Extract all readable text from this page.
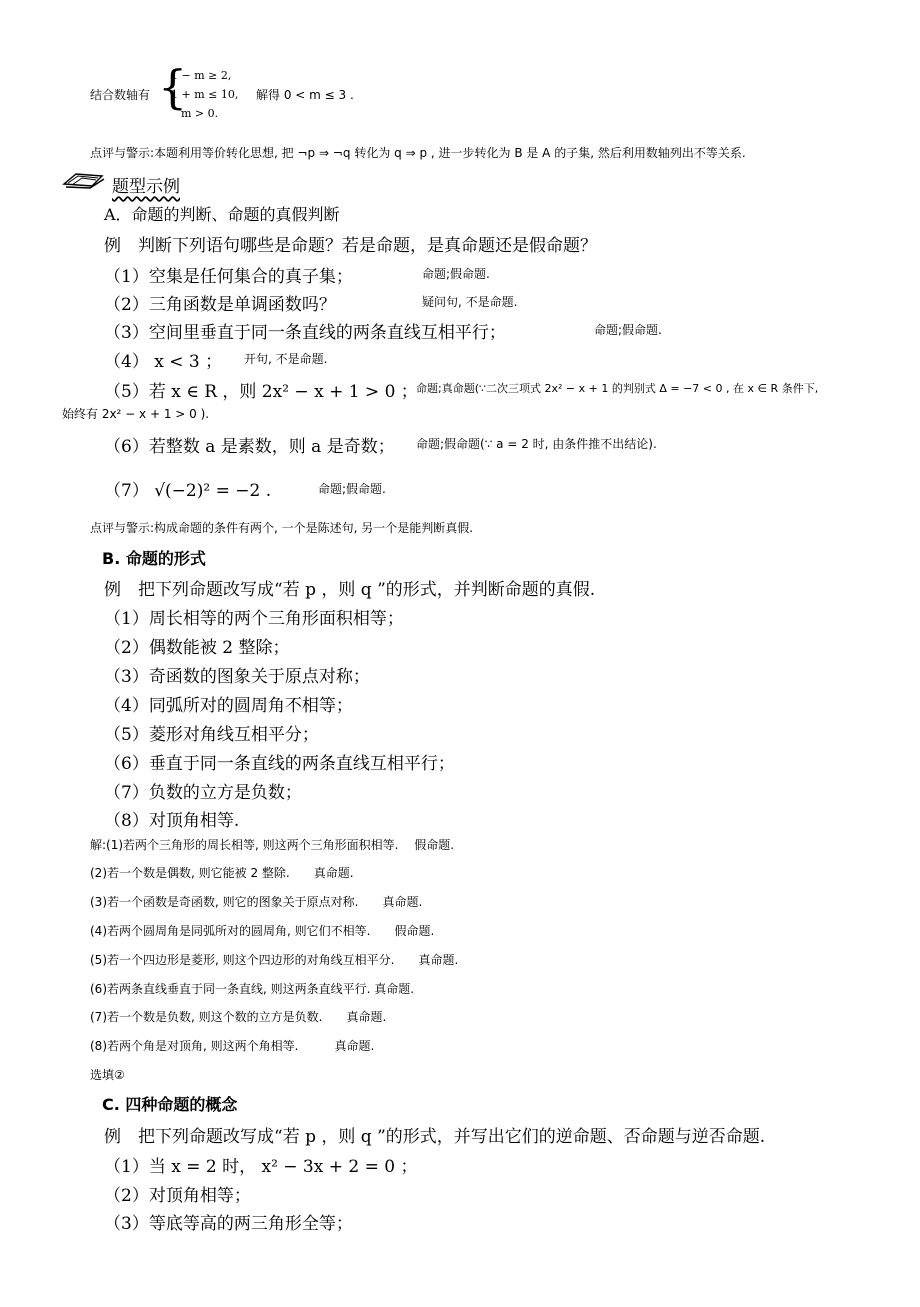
结合数轴有 {
1 − m ≥ 2,
1 + m ≤ 10,
m > 0.
解得 0 < m ≤ 3 .
点评与警示:本题利用等价转化思想, 把 ¬p ⇒ ¬q 转化为 q ⇒ p , 进一步转化为 B 是 A 的子集, 然后利用数轴列出不等关系.
题型示例
A．命题的判断、命题的真假判断
例　判断下列语句哪些是命题？若是命题，是真命题还是假命题？
（1）空集是任何集合的真子集；	命题;假命题.
（2）三角函数是单调函数吗？	疑问句, 不是命题.
（3）空间里垂直于同一条直线的两条直线互相平行；	命题;假命题.
（4） x < 3 ； 开句, 不是命题.
（5）若 x ∈ R ，则 2x² − x + 1 > 0 ；
命题;真命题(∵二次三项式 2x² − x + 1 的判别式 Δ = −7 < 0 , 在 x ∈ R 条件下,
始终有 2x² − x + 1 > 0 ).
（6）若整数 a 是素数，则 a 是奇数； 命题;假命题(∵ a = 2 时, 由条件推不出结论).
（7） √(−2)² = −2 .	命题;假命题.
点评与警示:构成命题的条件有两个, 一个是陈述句, 另一个是能判断真假.
B. 命题的形式
例　把下列命题改写成“若 p ，则 q ”的形式，并判断命题的真假.
（1）周长相等的两个三角形面积相等；
（2）偶数能被 2 整除；
（3）奇函数的图象关于原点对称；
（4）同弧所对的圆周角不相等；
（5）菱形对角线互相平分；
（6）垂直于同一条直线的两条直线互相平行；
（7）负数的立方是负数；
（8）对顶角相等.
解:(1)若两个三角形的周长相等, 则这两个三角形面积相等.　 假命题.
(2)若一个数是偶数, 则它能被 2 整除.　　真命题.
(3)若一个函数是奇函数, 则它的图象关于原点对称.　　真命题.
(4)若两个圆周角是同弧所对的圆周角, 则它们不相等.　　假命题.
(5)若一个四边形是菱形, 则这个四边形的对角线互相平分.　　真命题.
(6)若两条直线垂直于同一条直线, 则这两条直线平行. 真命题.
(7)若一个数是负数, 则这个数的立方是负数.　　真命题.
(8)若两个角是对顶角, 则这两个角相等.　　　真命题.
选填②
C. 四种命题的概念
例　把下列命题改写成“若 p ，则 q ”的形式，并写出它们的逆命题、否命题与逆否命题.
（1）当 x = 2 时， x² − 3x + 2 = 0 ；
（2）对顶角相等；
（3）等底等高的两三角形全等；
